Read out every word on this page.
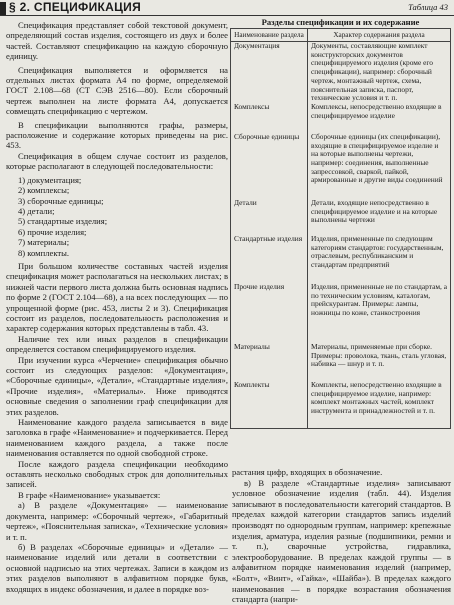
§ 2. СПЕЦИФИКАЦИЯ	Таблица 43

Спецификация представляет собой текстовой документ, определяющий состав изделия, состоящего из двух и более частей. Составляют спецификацию на каждую сборочную единицу.

Спецификация выполняется и оформляется на отдельных листах формата А4 по форме, определяемой ГОСТ 2.108—68 (СТ СЭВ 2516—80). Если сборочный чертеж выполнен на листе формата А4, допускается совмещать спецификацию с чертежом.

В спецификации выполняются графы, размеры, расположение и содержание которых приведены на рис. 453.

Спецификация в общем случае состоит из разделов, которые располагают в следующей последовательности:

1) документация;
2) комплексы;
3) сборочные единицы;
4) детали;
5) стандартные изделия;
6) прочие изделия;
7) материалы;
8) комплекты.

При большом количестве составных частей изделия спецификация может располагаться на нескольких листах; в нижней части первого листа должна быть основная надпись по форме 2 (ГОСТ 2.104—68), а на всех последующих — по упрощенной форме (рис. 453, листы 2 и 3). Спецификация состоит из разделов, последовательность расположения и характер содержания которых представлены в табл. 43.

Наличие тех или иных разделов в спецификации определяется составом специфицируемого изделия.

При изучении курса «Черчение» спецификация обычно состоит из следующих разделов: «Документация», «Сборочные единицы», «Детали», «Стандартные изделия», «Прочие изделия», «Материалы». Ниже приводятся основные сведения о заполнении граф спецификации для этих разделов.

Наименование каждого раздела записывается в виде заголовка в графе «Наименование» и подчеркивается. Перед наименованием каждого раздела, а также после наименования оставляется по одной свободной строке.

После каждого раздела спецификации необходимо оставлять несколько свободных строк для дополнительных записей.

В графе «Наименование» указывается:

а) В разделе «Документация» — наименование документа, например: «Сборочный чертеж», «Габаритный чертеж», «Пояснительная записка», «Технические условия» и т. п.

б) В разделах «Сборочные единицы» и «Детали» — наименование изделий или детали в соответствии с основной надписью на этих чертежах. Записи в каждом из этих разделов выполняют в алфавитном порядке букв, входящих в индекс обозначения, и далее в порядке воз-

Разделы спецификации и их содержание
Наименование раздела	Характер содержания раздела
Документация	Документы, составляющие комплект конструкторских документов специфицируемого изделия (кроме его спецификации), например: сборочный чертеж, монтажный чертеж, схема, пояснительная записка, паспорт, технические условия и т. п.
Комплексы	Комплексы, непосредственно входящие в специфицируемое изделие
Сборочные единицы	Сборочные единицы (их спецификации), входящие в специфицируемое изделие и на которые выполнены чертежи, например: соединения, выполненные запрессовкой, сваркой, пайкой, армированные и другие виды соединений
Детали	Детали, входящие непосредственно в специфицируемое изделие и на которые выполнены чертежи
Стандартные изделия	Изделия, примененные по следующим категориям стандартов: государственным, отраслевым, республиканским и стандартам предприятий
Прочие изделия	Изделия, примененные не по стандартам, а по техническим условиям, каталогам, прейскурантам. Примеры: лампы, ножницы по коже, станкостроения
Материалы	Материалы, применяемые при сборке. Примеры: проволока, ткань, сталь угловая, набивка — шнур и т. п.
Комплекты	Комплекты, непосредственно входящие в специфицируемое изделие, например: комплект монтажных частей, комплект инструмента и принадлежностей и т. п.

растания цифр, входящих в обозначение.

в) В разделе «Стандартные изделия» записывают условное обозначение изделия (табл. 44). Изделия записывают в последовательности категорий стандартов. В пределах каждой категории стандартов запись изделий производят по однородным группам, например: крепежные изделия, арматура, изделия разные (подшипники, ремни и т. п.), сварочные устройства, гидравлика, электрооборудование. В пределах каждой группы — в алфавитном порядке наименования изделий (например, «Болт», «Винт», «Гайка», «Шайба»). В пределах каждого наименования — в порядке возрастания обозначения стандарта (напри-
